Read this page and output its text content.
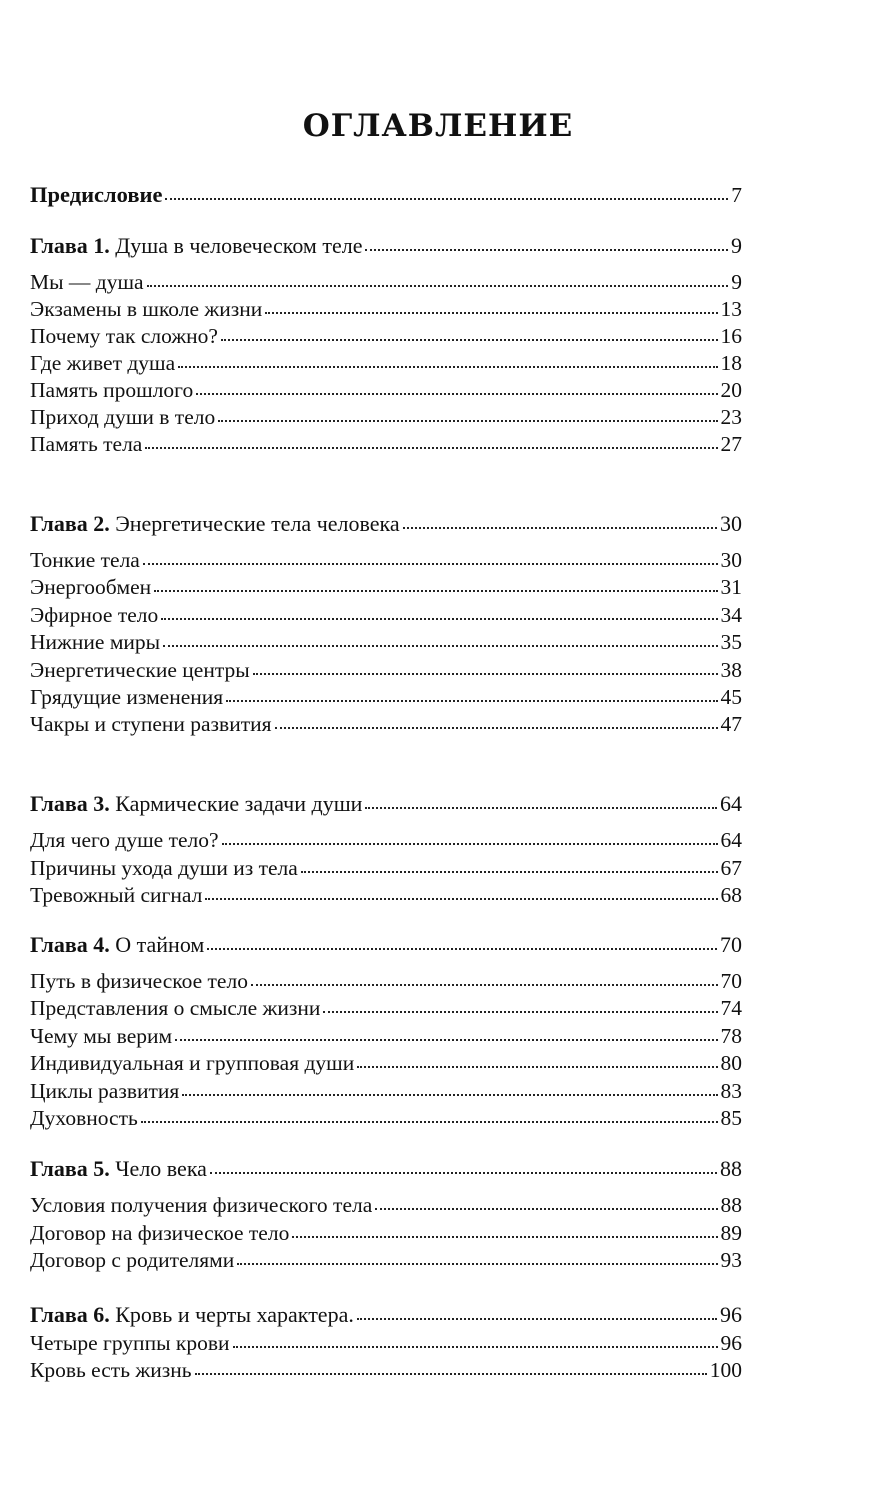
ОГЛАВЛЕНИЕ
Предисловие	7
Глава 1. Душа в человеческом теле	9
Мы — душа	9
Экзамены в школе жизни	13
Почему так сложно?	16
Где живет душа	18
Память прошлого	20
Приход души в тело	23
Память тела	27
Глава 2. Энергетические тела человека	30
Тонкие тела	30
Энергообмен	31
Эфирное тело	34
Нижние миры	35
Энергетические центры	38
Грядущие изменения	45
Чакры и ступени развития	47
Глава 3. Кармические задачи души	64
Для чего душе тело?	64
Причины ухода души из тела	67
Тревожный сигнал	68
Глава 4. О тайном	70
Путь в физическое тело	70
Представления о смысле жизни	74
Чему мы верим	78
Индивидуальная и групповая души	80
Циклы развития	83
Духовность	85
Глава 5. Чело века	88
Условия получения физического тела	88
Договор на физическое тело	89
Договор с родителями	93
Глава 6. Кровь и черты характера.	96
Четыре группы крови	96
Кровь есть жизнь	100
